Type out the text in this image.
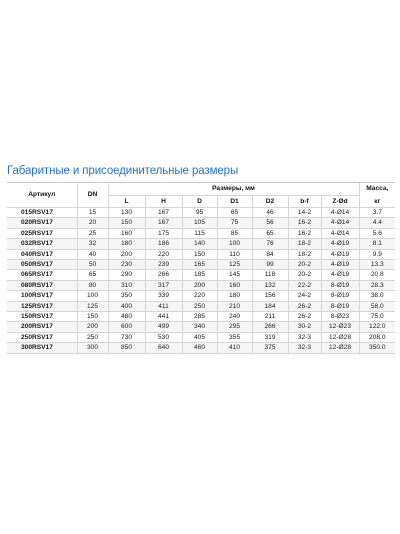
Габаритные и присоединительные размеры
Артикул	DN	Размеры, мм							Масса,
		L	H	D	D1	D2	b-f	Z-Ød	кг
015RSV17	15	130	167	95	65	46	14-2	4-Ø14	3.7
020RSV17	20	150	167	105	75	56	16-2	4-Ø14	4.4
025RSV17	25	160	175	115	85	65	16-2	4-Ø14	5.6
032RSV17	32	180	186	140	100	76	18-2	4-Ø19	8.1
040RSV17	40	200	220	150	110	84	18-2	4-Ø19	9.9
050RSV17	50	230	239	165	125	99	20-2	4-Ø19	13.3
065RSV17	65	290	266	185	145	118	20-2	4-Ø19	20.8
080RSV17	80	310	317	200	160	132	22-2	8-Ø19	28.3
100RSV17	100	350	339	220	180	156	24-2	8-Ø19	38.0
125RSV17	125	400	411	250	210	184	26-2	8-Ø19	58.0
150RSV17	150	480	441	285	240	211	26-2	8-Ø23	75.0
200RSV17	200	600	499	340	295	266	30-2	12-Ø23	122.0
250RSV17	250	730	530	405	355	319	32-3	12-Ø28	208.0
300RSV17	300	850	640	460	410	375	32-3	12-Ø28	350.0
